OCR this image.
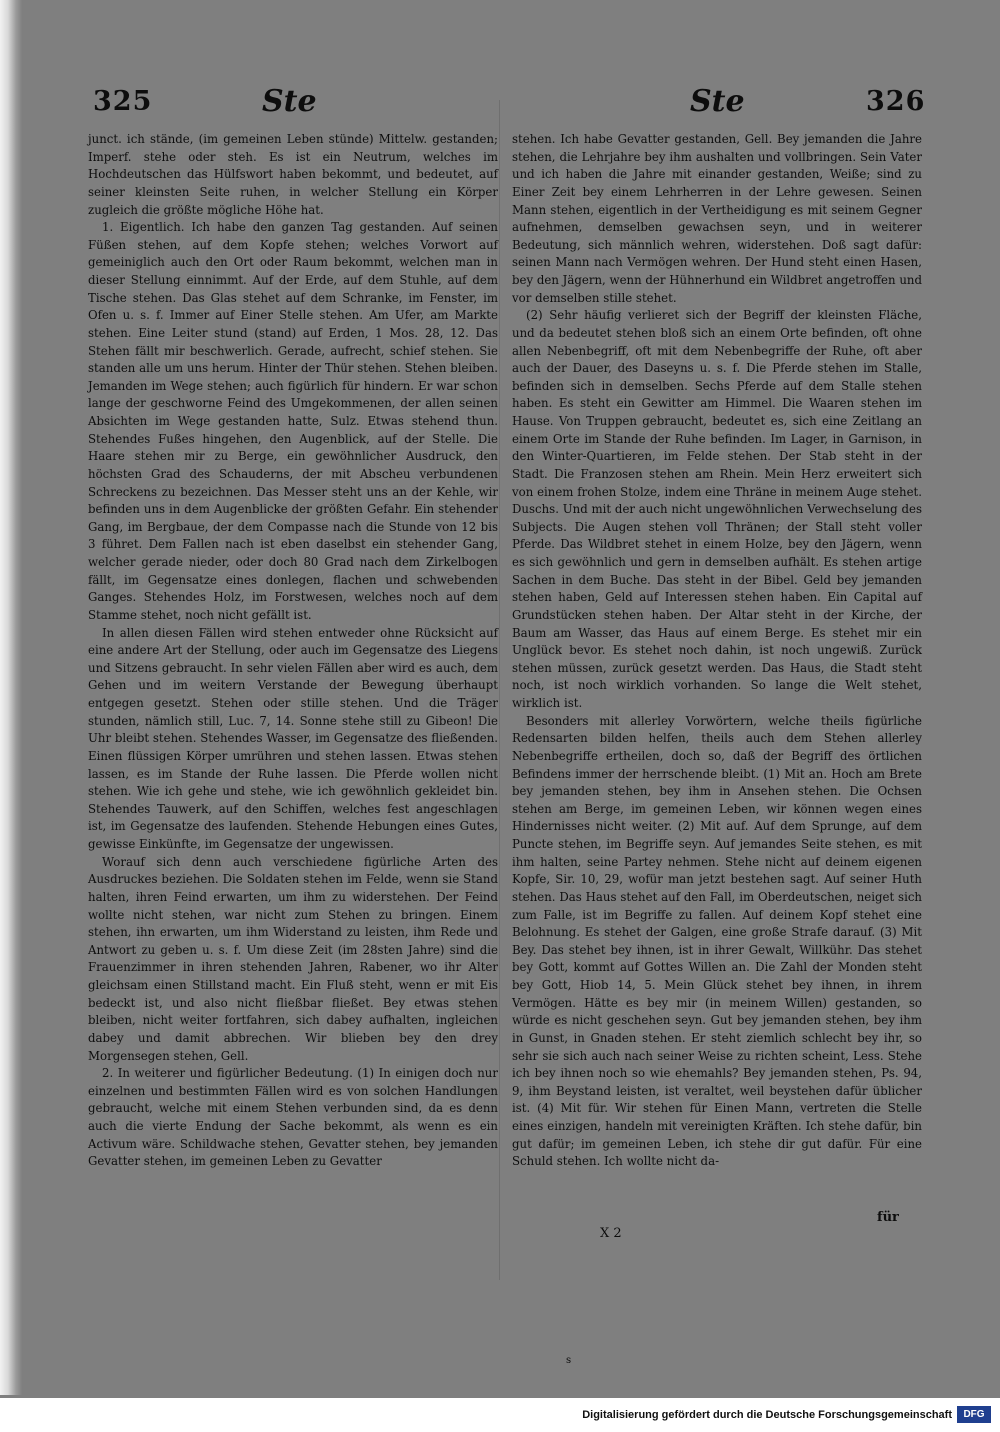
325	Ste	Ste	326

junct. ich stände, (im gemeinen Leben stünde) Mittelw. gestanden; Imperf. stehe oder steh. Es ist ein Neutrum, welches im Hochdeutschen das Hülfswort haben bekommt, und bedeutet, auf seiner kleinsten Seite ruhen, in welcher Stellung ein Körper zugleich die größte mögliche Höhe hat.

1. Eigentlich. Ich habe den ganzen Tag gestanden. Auf seinen Füßen stehen, auf dem Kopfe stehen; welches Vorwort auf gemeiniglich auch den Ort oder Raum bekommt, welchen man in dieser Stellung einnimmt. Auf der Erde, auf dem Stuhle, auf dem Tische stehen. Das Glas stehet auf dem Schranke, im Fenster, im Ofen u. s. f. Immer auf Einer Stelle stehen. Am Ufer, am Markte stehen. Eine Leiter stund (stand) auf Erden, 1 Mos. 28, 12. Das Stehen fällt mir beschwerlich. Gerade, aufrecht, schief stehen. Sie standen alle um uns herum. Hinter der Thür stehen. Stehen bleiben. Jemanden im Wege stehen; auch figürlich für hindern. Er war schon lange der geschworne Feind des Umgekommenen, der allen seinen Absichten im Wege gestanden hatte, Sulz. Etwas stehend thun. Stehendes Fußes hingehen, den Augenblick, auf der Stelle. Die Haare stehen mir zu Berge, ein gewöhnlicher Ausdruck, den höchsten Grad des Schauderns, der mit Abscheu verbundenen Schreckens zu bezeichnen. Das Messer steht uns an der Kehle, wir befinden uns in dem Augenblicke der größten Gefahr. Ein stehender Gang, im Bergbaue, der dem Compasse nach die Stunde von 12 bis 3 führet. Dem Fallen nach ist eben daselbst ein stehender Gang, welcher gerade nieder, oder doch 80 Grad nach dem Zirkelbogen fällt, im Gegensatze eines donlegen, flachen und schwebenden Ganges. Stehendes Holz, im Forstwesen, welches noch auf dem Stamme stehet, noch nicht gefällt ist.

In allen diesen Fällen wird stehen entweder ohne Rücksicht auf eine andere Art der Stellung, oder auch im Gegensatze des Liegens und Sitzens gebraucht. In sehr vielen Fällen aber wird es auch, dem Gehen und im weitern Verstande der Bewegung überhaupt entgegen gesetzt. Stehen oder stille stehen. Und die Träger stunden, nämlich still, Luc. 7, 14. Sonne stehe still zu Gibeon! Die Uhr bleibt stehen. Stehendes Wasser, im Gegensatze des fließenden. Einen flüssigen Körper umrühren und stehen lassen. Etwas stehen lassen, es im Stande der Ruhe lassen. Die Pferde wollen nicht stehen. Wie ich gehe und stehe, wie ich gewöhnlich gekleidet bin. Stehendes Tauwerk, auf den Schiffen, welches fest angeschlagen ist, im Gegensatze des laufenden. Stehende Hebungen eines Gutes, gewisse Einkünfte, im Gegensatze der ungewissen.

Worauf sich denn auch verschiedene figürliche Arten des Ausdruckes beziehen. Die Soldaten stehen im Felde, wenn sie Stand halten, ihren Feind erwarten, um ihm zu widerstehen. Der Feind wollte nicht stehen, war nicht zum Stehen zu bringen. Einem stehen, ihn erwarten, um ihm Widerstand zu leisten, ihm Rede und Antwort zu geben u. s. f. Um diese Zeit (im 28sten Jahre) sind die Frauenzimmer in ihren stehenden Jahren, Rabener, wo ihr Alter gleichsam einen Stillstand macht. Ein Fluß steht, wenn er mit Eis bedeckt ist, und also nicht fließbar fließet. Bey etwas stehen bleiben, nicht weiter fortfahren, sich dabey aufhalten, ingleichen dabey und damit abbrechen. Wir blieben bey den drey Morgensegen stehen, Gell.

2. In weiterer und figürlicher Bedeutung. (1) In einigen doch nur einzelnen und bestimmten Fällen wird es von solchen Handlungen gebraucht, welche mit einem Stehen verbunden sind, da es denn auch die vierte Endung der Sache bekommt, als wenn es ein Activum wäre. Schildwache stehen, Gevatter stehen, bey jemanden Gevatter stehen, im gemeinen Leben zu Gevatter

stehen. Ich habe Gevatter gestanden, Gell. Bey jemanden die Jahre stehen, die Lehrjahre bey ihm aushalten und vollbringen. Sein Vater und ich haben die Jahre mit einander gestanden, Weiße; sind zu Einer Zeit bey einem Lehrherren in der Lehre gewesen. Seinen Mann stehen, eigentlich in der Vertheidigung es mit seinem Gegner aufnehmen, demselben gewachsen seyn, und in weiterer Bedeutung, sich männlich wehren, widerstehen. Doß sagt dafür: seinen Mann nach Vermögen wehren. Der Hund steht einen Hasen, bey den Jägern, wenn der Hühnerhund ein Wildbret angetroffen und vor demselben stille stehet.

(2) Sehr häufig verlieret sich der Begriff der kleinsten Fläche, und da bedeutet stehen bloß sich an einem Orte befinden, oft ohne allen Nebenbegriff, oft mit dem Nebenbegriffe der Ruhe, oft aber auch der Dauer, des Daseyns u. s. f. Die Pferde stehen im Stalle, befinden sich in demselben. Sechs Pferde auf dem Stalle stehen haben. Es steht ein Gewitter am Himmel. Die Waaren stehen im Hause. Von Truppen gebraucht, bedeutet es, sich eine Zeitlang an einem Orte im Stande der Ruhe befinden. Im Lager, in Garnison, in den Winter-Quartieren, im Felde stehen. Der Stab steht in der Stadt. Die Franzosen stehen am Rhein. Mein Herz erweitert sich von einem frohen Stolze, indem eine Thräne in meinem Auge stehet. Duschs. Und mit der auch nicht ungewöhnlichen Verwechselung des Subjects. Die Augen stehen voll Thränen; der Stall steht voller Pferde. Das Wildbret stehet in einem Holze, bey den Jägern, wenn es sich gewöhnlich und gern in demselben aufhält. Es stehen artige Sachen in dem Buche. Das steht in der Bibel. Geld bey jemanden stehen haben, Geld auf Interessen stehen haben. Ein Capital auf Grundstücken stehen haben. Der Altar steht in der Kirche, der Baum am Wasser, das Haus auf einem Berge. Es stehet mir ein Unglück bevor. Es stehet noch dahin, ist noch ungewiß. Zurück stehen müssen, zurück gesetzt werden. Das Haus, die Stadt steht noch, ist noch wirklich vorhanden. So lange die Welt stehet, wirklich ist.

Besonders mit allerley Vorwörtern, welche theils figürliche Redensarten bilden helfen, theils auch dem Stehen allerley Nebenbegriffe ertheilen, doch so, daß der Begriff des örtlichen Befindens immer der herrschende bleibt. (1) Mit an. Hoch am Brete bey jemanden stehen, bey ihm in Ansehen stehen. Die Ochsen stehen am Berge, im gemeinen Leben, wir können wegen eines Hindernisses nicht weiter. (2) Mit auf. Auf dem Sprunge, auf dem Puncte stehen, im Begriffe seyn. Auf jemandes Seite stehen, es mit ihm halten, seine Partey nehmen. Stehe nicht auf deinem eigenen Kopfe, Sir. 10, 29, wofür man jetzt bestehen sagt. Auf seiner Huth stehen. Das Haus stehet auf den Fall, im Oberdeutschen, neiget sich zum Falle, ist im Begriffe zu fallen. Auf deinem Kopf stehet eine Belohnung. Es stehet der Galgen, eine große Strafe darauf. (3) Mit Bey. Das stehet bey ihnen, ist in ihrer Gewalt, Willkühr. Das stehet bey Gott, kommt auf Gottes Willen an. Die Zahl der Monden steht bey Gott, Hiob 14, 5. Mein Glück stehet bey ihnen, in ihrem Vermögen. Hätte es bey mir (in meinem Willen) gestanden, so würde es nicht geschehen seyn. Gut bey jemanden stehen, bey ihm in Gunst, in Gnaden stehen. Er steht ziemlich schlecht bey ihr, so sehr sie sich auch nach seiner Weise zu richten scheint, Less. Stehe ich bey ihnen noch so wie ehemahls? Bey jemanden stehen, Ps. 94, 9, ihm Beystand leisten, ist veraltet, weil beystehen dafür üblicher ist. (4) Mit für. Wir stehen für Einen Mann, vertreten die Stelle eines einzigen, handeln mit vereinigten Kräften. Ich stehe dafür, bin gut dafür; im gemeinen Leben, ich stehe dir gut dafür. Für eine Schuld stehen. Ich wollte nicht da-

X 2
für
s
Digitalisierung gefördert durch die Deutsche Forschungsgemeinschaft	DFG
